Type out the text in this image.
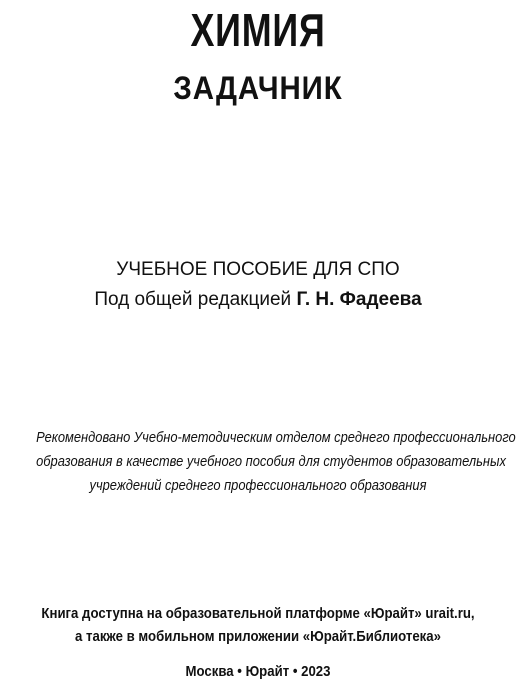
ХИМИЯ
ЗАДАЧНИК

УЧЕБНОЕ ПОСОБИЕ ДЛЯ СПО

Под общей редакцией Г. Н. Фадеева

Рекомендовано Учебно-методическим отделом среднего профессионального
образования в качестве учебного пособия для студентов образовательных
учреждений среднего профессионального образования
Книга доступна на образовательной платформе «Юрайт» urait.ru,
а также в мобильном приложении «Юрайт.Библиотека»

Москва • Юрайт • 2023
